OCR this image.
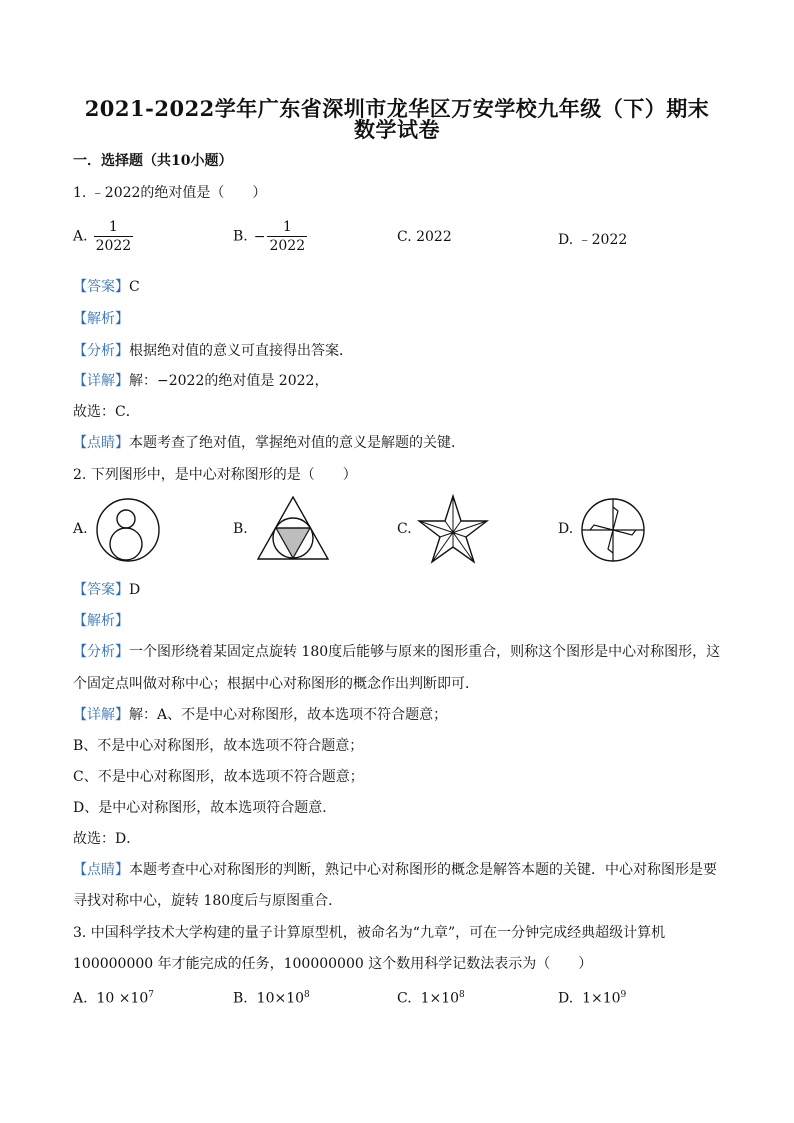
2021-2022学年广东省深圳市龙华区万安学校九年级（下）期末
数学试卷
一．选择题（共10小题）
1. ﹣2022的绝对值是（　　）
A. $\frac{1}{2022}$	B. − $\frac{1}{2022}$	C. 2022	D. ﹣2022
【答案】C
【解析】
【分析】根据绝对值的意义可直接得出答案．
【详解】解：−2022的绝对值是 2022，
故选：C．
【点睛】本题考查了绝对值，掌握绝对值的意义是解题的关键．
2. 下列图形中，是中心对称图形的是（　　）
A.	B.	C.	D.
【答案】D
【解析】
【分析】一个图形绕着某固定点旋转 180度后能够与原来的图形重合，则称这个图形是中心对称图形，这
个固定点叫做对称中心；根据中心对称图形的概念作出判断即可．
【详解】解：A、不是中心对称图形，故本选项不符合题意；
B、不是中心对称图形，故本选项不符合题意；
C、不是中心对称图形，故本选项不符合题意；
D、是中心对称图形，故本选项符合题意．
故选：D．
【点睛】本题考查中心对称图形的判断，熟记中心对称图形的概念是解答本题的关键．中心对称图形是要
寻找对称中心，旋转 180度后与原图重合．
3. 中国科学技术大学构建的量子计算原型机，被命名为“九章”，可在一分钟完成经典超级计算机
100000000 年才能完成的任务，100000000 这个数用科学记数法表示为（　　）
A. $10 \times 10^7$	B. $10\times 10^8$	C. $1\times 10^8$	D. $1\times 10^9$
